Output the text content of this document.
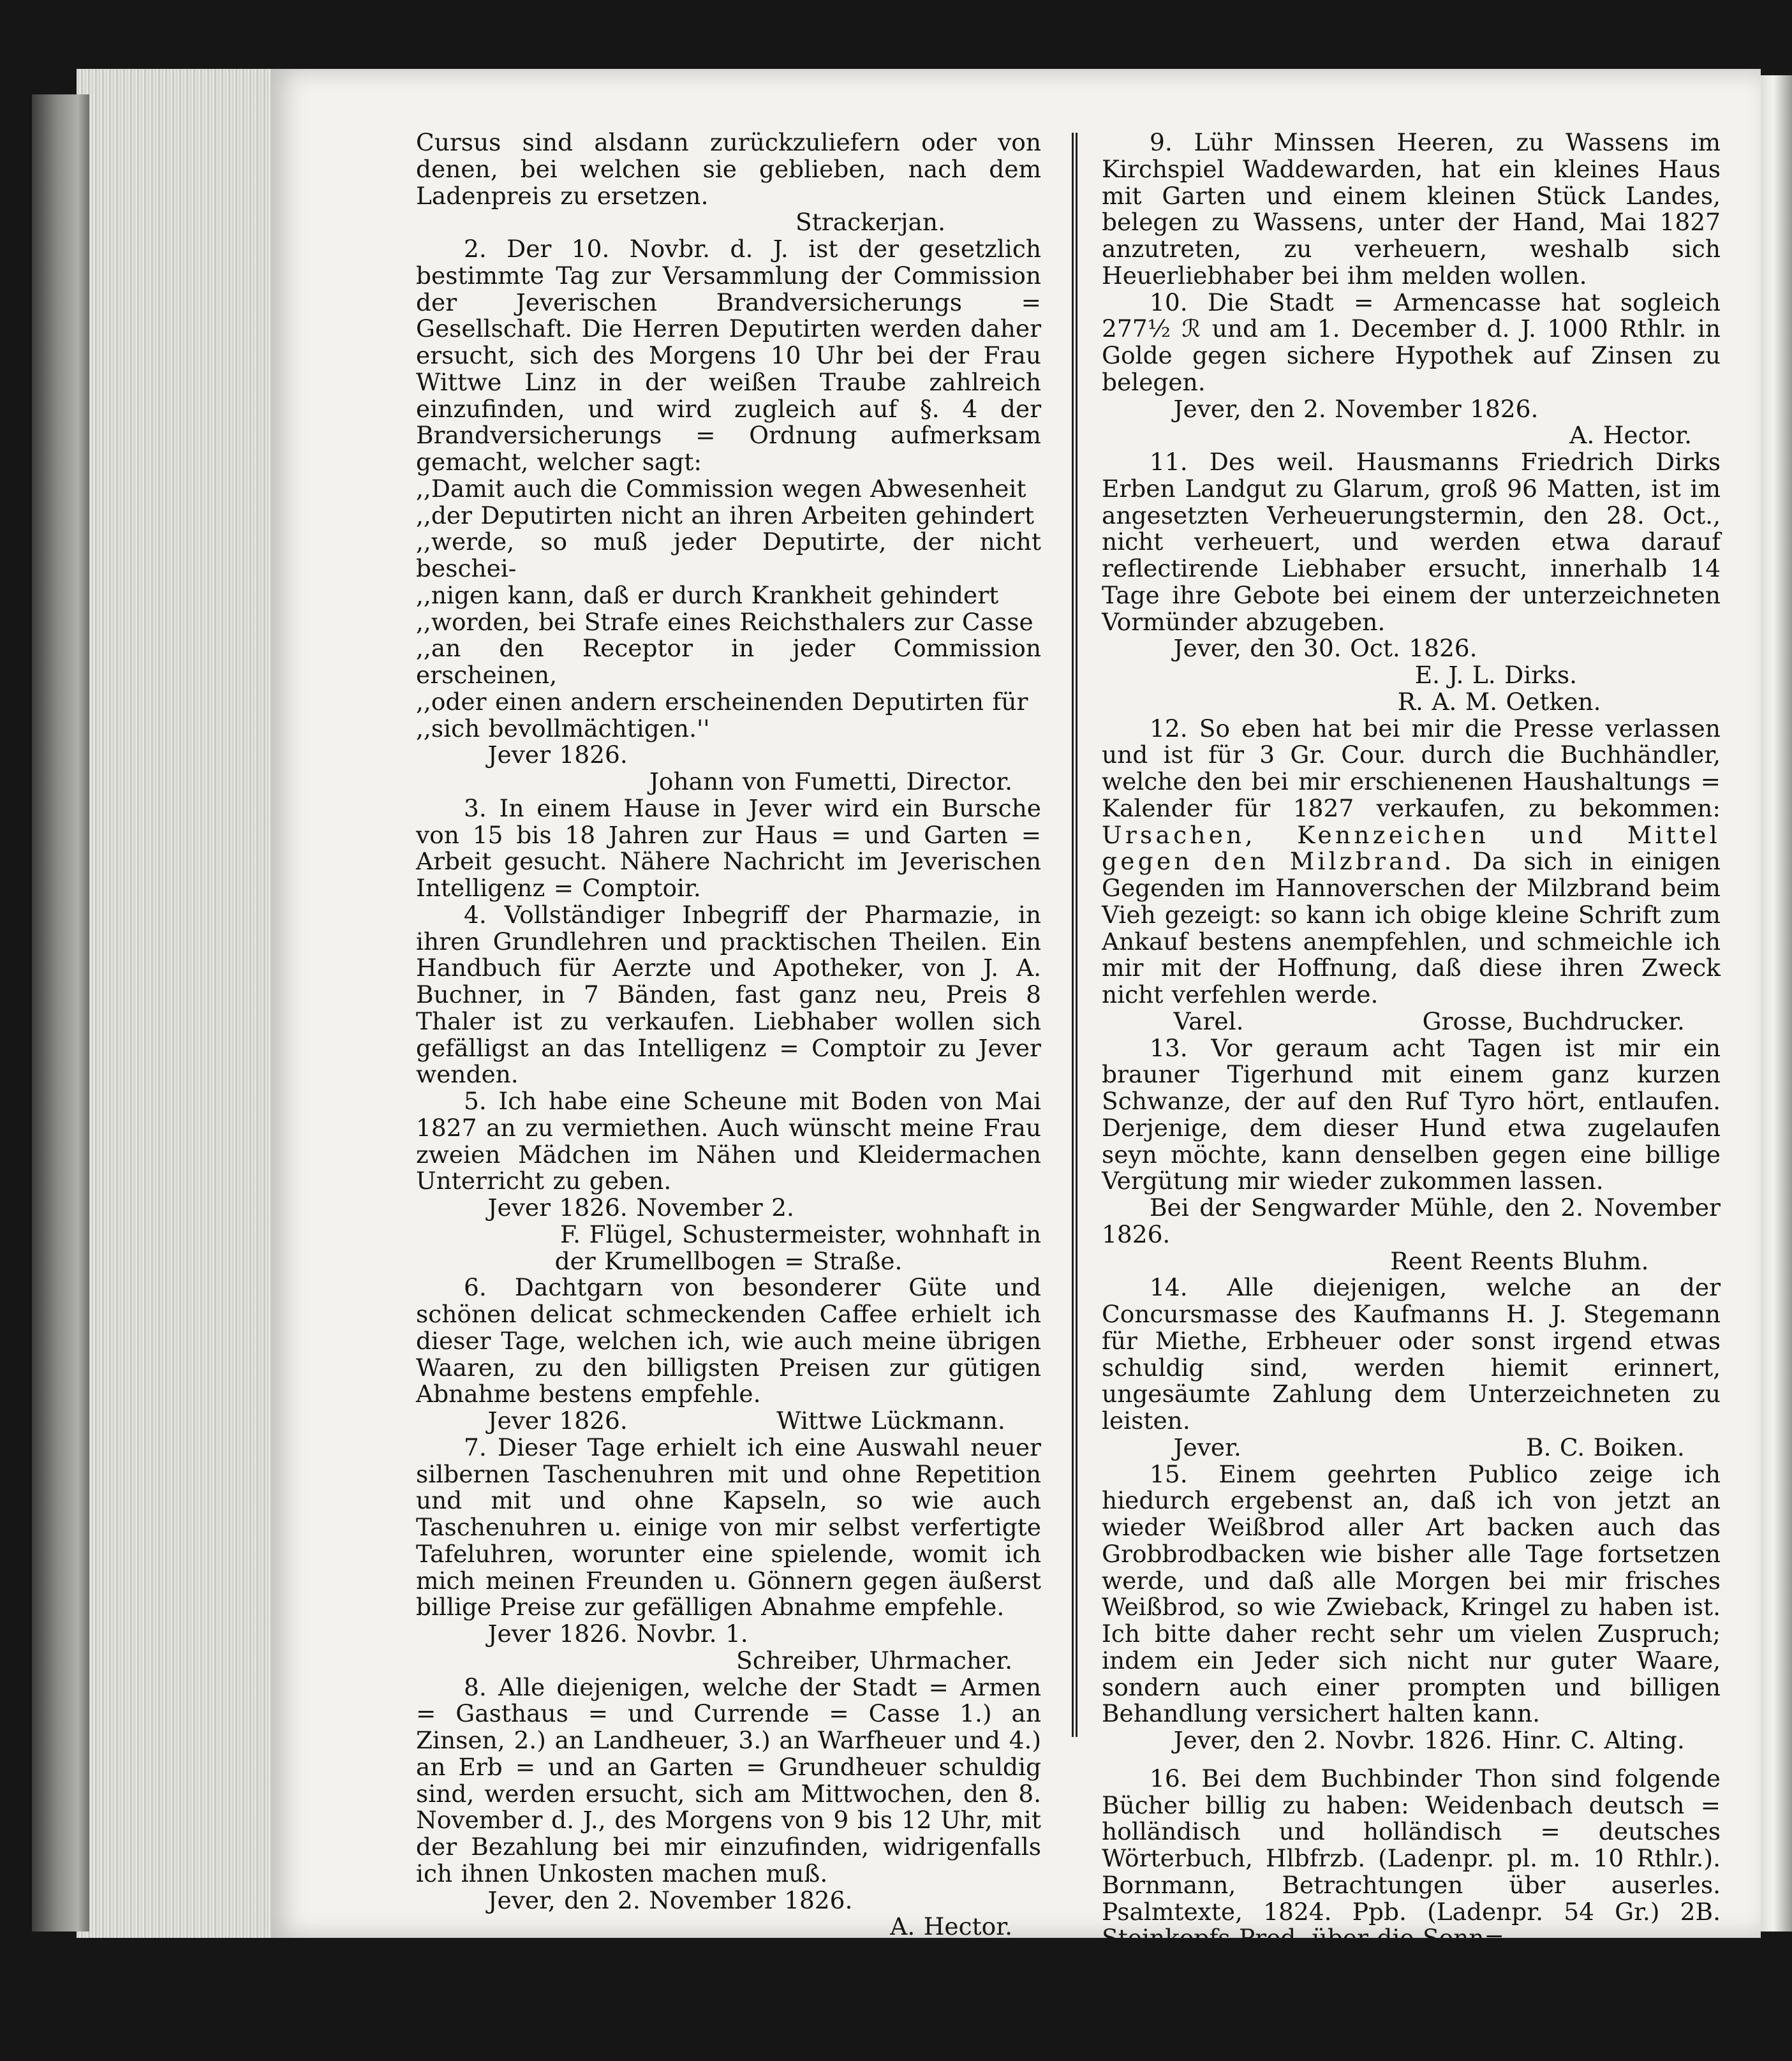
Cursus sind alsdann zurückzuliefern oder von denen, bei welchen sie geblieben, nach dem Ladenpreis zu ersetzen.

Strackerjan.

2. Der 10. Novbr. d. J. ist der gesetzlich bestimmte Tag zur Versammlung der Commission der Jeverischen Brandversicherungs = Gesellschaft. Die Herren Deputirten werden daher ersucht, sich des Morgens 10 Uhr bei der Frau Wittwe Linz in der weißen Traube zahlreich einzufinden, und wird zugleich auf §. 4 der Brandversicherungs = Ordnung aufmerksam gemacht, welcher sagt:

,,Damit auch die Commission wegen Abwesenheit

,,der Deputirten nicht an ihren Arbeiten gehindert

,,werde, so muß jeder Deputirte, der nicht beschei-

,,nigen kann, daß er durch Krankheit gehindert

,,worden, bei Strafe eines Reichsthalers zur Casse

,,an den Receptor in jeder Commission erscheinen,

,,oder einen andern erscheinenden Deputirten für

,,sich bevollmächtigen.''

Jever 1826.

Johann von Fumetti, Director.

3. In einem Hause in Jever wird ein Bursche von 15 bis 18 Jahren zur Haus = und Garten = Arbeit gesucht. Nähere Nachricht im Jeverischen Intelligenz = Comptoir.

4. Vollständiger Inbegriff der Pharmazie, in ihren Grundlehren und pracktischen Theilen. Ein Handbuch für Aerzte und Apotheker, von J. A. Buchner, in 7 Bänden, fast ganz neu, Preis 8 Thaler ist zu verkaufen. Liebhaber wollen sich gefälligst an das Intelligenz = Comptoir zu Jever wenden.

5. Ich habe eine Scheune mit Boden von Mai 1827 an zu vermiethen. Auch wünscht meine Frau zweien Mädchen im Nähen und Kleidermachen Unterricht zu geben.

Jever 1826. November 2.

F. Flügel, Schustermeister, wohnhaft in

der Krumellbogen = Straße.

6. Dachtgarn von besonderer Güte und schönen delicat schmeckenden Caffee erhielt ich dieser Tage, welchen ich, wie auch meine übrigen Waaren, zu den billigsten Preisen zur gütigen Abnahme bestens empfehle.

Jever 1826.	Wittwe Lückmann.

7. Dieser Tage erhielt ich eine Auswahl neuer silbernen Taschenuhren mit und ohne Repetition und mit und ohne Kapseln, so wie auch Taschenuhren u. einige von mir selbst verfertigte Tafeluhren, worunter eine spielende, womit ich mich meinen Freunden u. Gönnern gegen äußerst billige Preise zur gefälligen Abnahme empfehle.

Jever 1826. Novbr. 1.

Schreiber, Uhrmacher.

8. Alle diejenigen, welche der Stadt = Armen = Gasthaus = und Currende = Casse 1.) an Zinsen, 2.) an Landheuer, 3.) an Warfheuer und 4.) an Erb = und an Garten = Grundheuer schuldig sind, werden ersucht, sich am Mittwochen, den 8. November d. J., des Morgens von 9 bis 12 Uhr, mit der Bezahlung bei mir einzufinden, widrigenfalls ich ihnen Unkosten machen muß.

Jever, den 2. November 1826.

A. Hector.

9. Lühr Minssen Heeren, zu Wassens im Kirchspiel Waddewarden, hat ein kleines Haus mit Garten und einem kleinen Stück Landes, belegen zu Wassens, unter der Hand, Mai 1827 anzutreten, zu verheuern, weshalb sich Heuerliebhaber bei ihm melden wollen.

10. Die Stadt = Armencasse hat sogleich 277½ ℛ und am 1. December d. J. 1000 Rthlr. in Golde gegen sichere Hypothek auf Zinsen zu belegen.

Jever, den 2. November 1826.

A. Hector.

11. Des weil. Hausmanns Friedrich Dirks Erben Landgut zu Glarum, groß 96 Matten, ist im angesetzten Verheuerungstermin, den 28. Oct., nicht verheuert, und werden etwa darauf reflectirende Liebhaber ersucht, innerhalb 14 Tage ihre Gebote bei einem der unterzeichneten Vormünder abzugeben.

Jever, den 30. Oct. 1826.

E. J. L. Dirks.

R. A. M. Oetken.

12. So eben hat bei mir die Presse verlassen und ist für 3 Gr. Cour. durch die Buchhändler, welche den bei mir erschienenen Haushaltungs = Kalender für 1827 verkaufen, zu bekommen: Ursachen, Kennzeichen und Mittel gegen den Milzbrand. Da sich in einigen Gegenden im Hannoverschen der Milzbrand beim Vieh gezeigt: so kann ich obige kleine Schrift zum Ankauf bestens anempfehlen, und schmeichle ich mir mit der Hoffnung, daß diese ihren Zweck nicht verfehlen werde.

Varel.	Grosse, Buchdrucker.

13. Vor geraum acht Tagen ist mir ein brauner Tigerhund mit einem ganz kurzen Schwanze, der auf den Ruf Tyro hört, entlaufen. Derjenige, dem dieser Hund etwa zugelaufen seyn möchte, kann denselben gegen eine billige Vergütung mir wieder zukommen lassen.

Bei der Sengwarder Mühle, den 2. November 1826.

Reent Reents Bluhm.

14. Alle diejenigen, welche an der Concursmasse des Kaufmanns H. J. Stegemann für Miethe, Erbheuer oder sonst irgend etwas schuldig sind, werden hiemit erinnert, ungesäumte Zahlung dem Unterzeichneten zu leisten.

Jever.	B. C. Boiken.

15. Einem geehrten Publico zeige ich hiedurch ergebenst an, daß ich von jetzt an wieder Weißbrod aller Art backen auch das Grobbrodbacken wie bisher alle Tage fortsetzen werde, und daß alle Morgen bei mir frisches Weißbrod, so wie Zwieback, Kringel zu haben ist. Ich bitte daher recht sehr um vielen Zuspruch; indem ein Jeder sich nicht nur guter Waare, sondern auch einer prompten und billigen Behandlung versichert halten kann.

Jever, den 2. Novbr. 1826. Hinr. C. Alting.

16. Bei dem Buchbinder Thon sind folgende Bücher billig zu haben: Weidenbach deutsch = holländisch und holländisch = deutsches Wörterbuch, Hlbfrzb. (Ladenpr. pl. m. 10 Rthlr.). Bornmann, Betrachtungen über auserles. Psalmtexte, 1824. Ppb. (Ladenpr. 54 Gr.) 2B. Steinkopfs Pred. über die Sonn=
